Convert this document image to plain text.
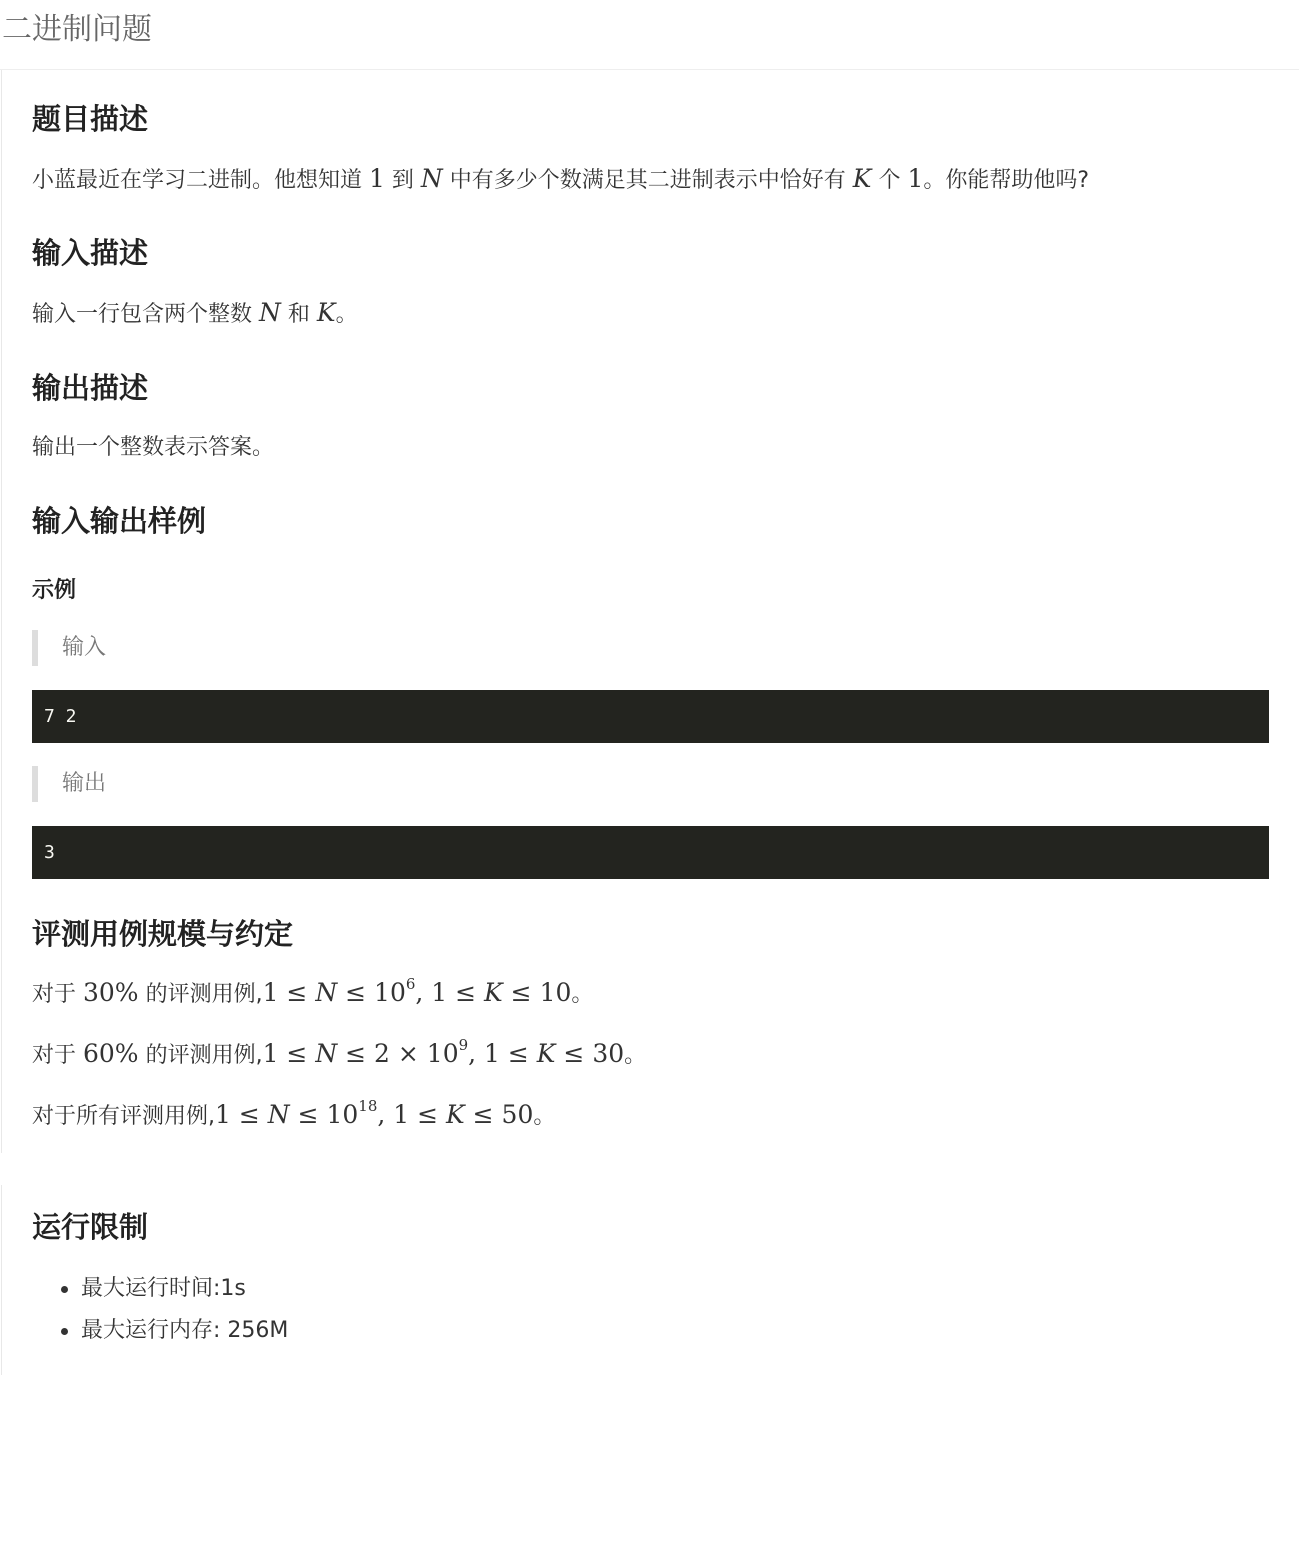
二进制问题
题目描述
小蓝最近在学习二进制。他想知道 1 到 N 中有多少个数满足其二进制表示中恰好有 K 个 1。你能帮助他吗?
输入描述
输入一行包含两个整数 N 和 K。
输出描述
输出一个整数表示答案。
输入输出样例
示例
输入
7 2
输出
3
评测用例规模与约定
对于 30% 的评测用例$,1 \le N \le 10^6$, 1 ≤ K ≤ 10。
对于 60% 的评测用例$,1 \le N \le 2 \times 10^9$, 1 ≤ K ≤ 30。
对于所有评测用例$,1 \le N \le 10^{18}$, 1 ≤ K ≤ 50。
运行限制
最大运行时间:1s
最大运行内存: 256M
